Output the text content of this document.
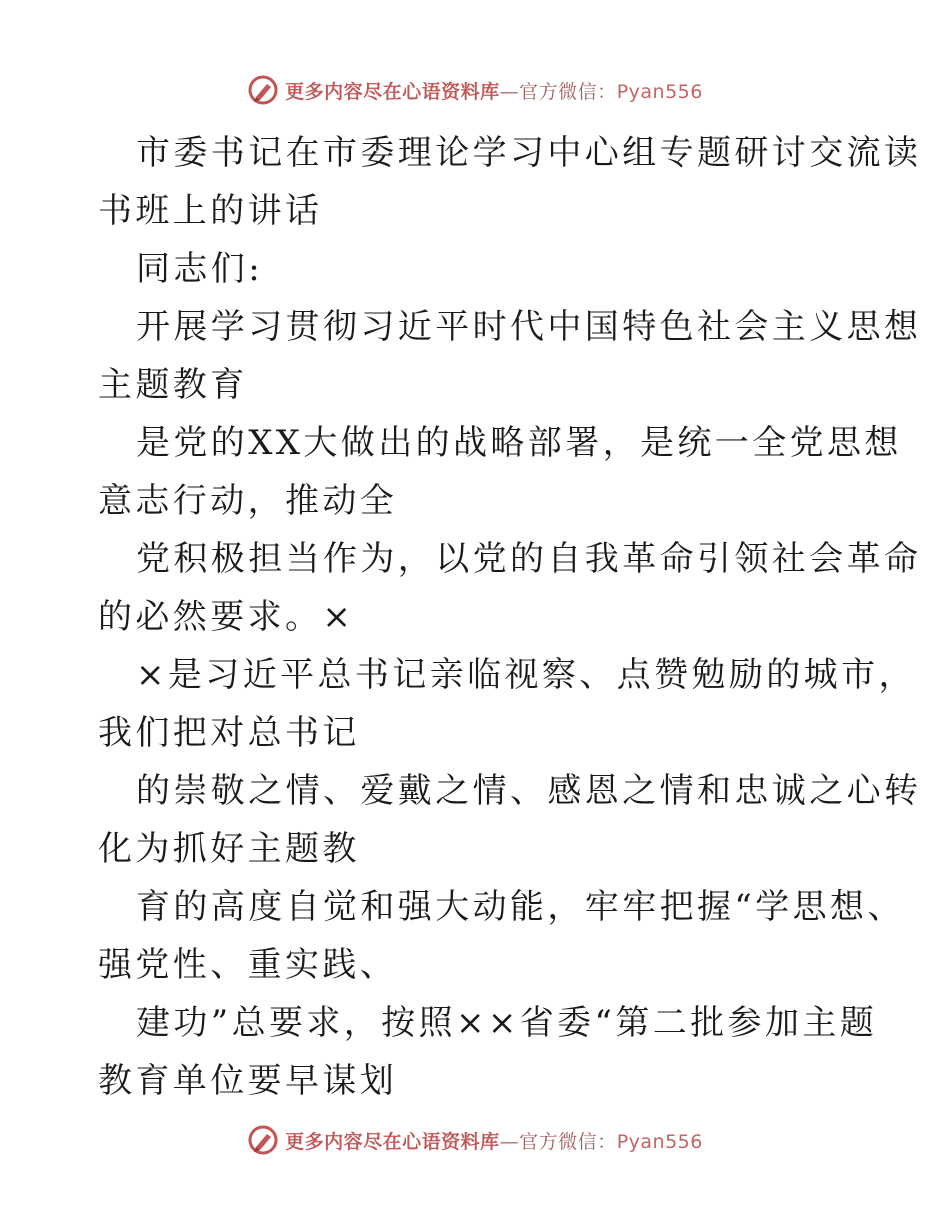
更多内容尽在心语资料库—官方微信：Pyan556
市委书记在市委理论学习中心组专题研讨交流读
书班上的讲话
同志们:
开展学习贯彻习近平时代中国特色社会主义思想
主题教育
是党的XX大做出的战略部署，是统一全党思想
意志行动，推动全
党积极担当作为，以党的自我革命引领社会革命
的必然要求。×
×是习近平总书记亲临视察、点赞勉励的城市，
我们把对总书记
的崇敬之情、爱戴之情、感恩之情和忠诚之心转
化为抓好主题教
育的高度自觉和强大动能，牢牢把握“学思想、
强党性、重实践、
建功”总要求，按照××省委“第二批参加主题
教育单位要早谋划
更多内容尽在心语资料库—官方微信：Pyan556
